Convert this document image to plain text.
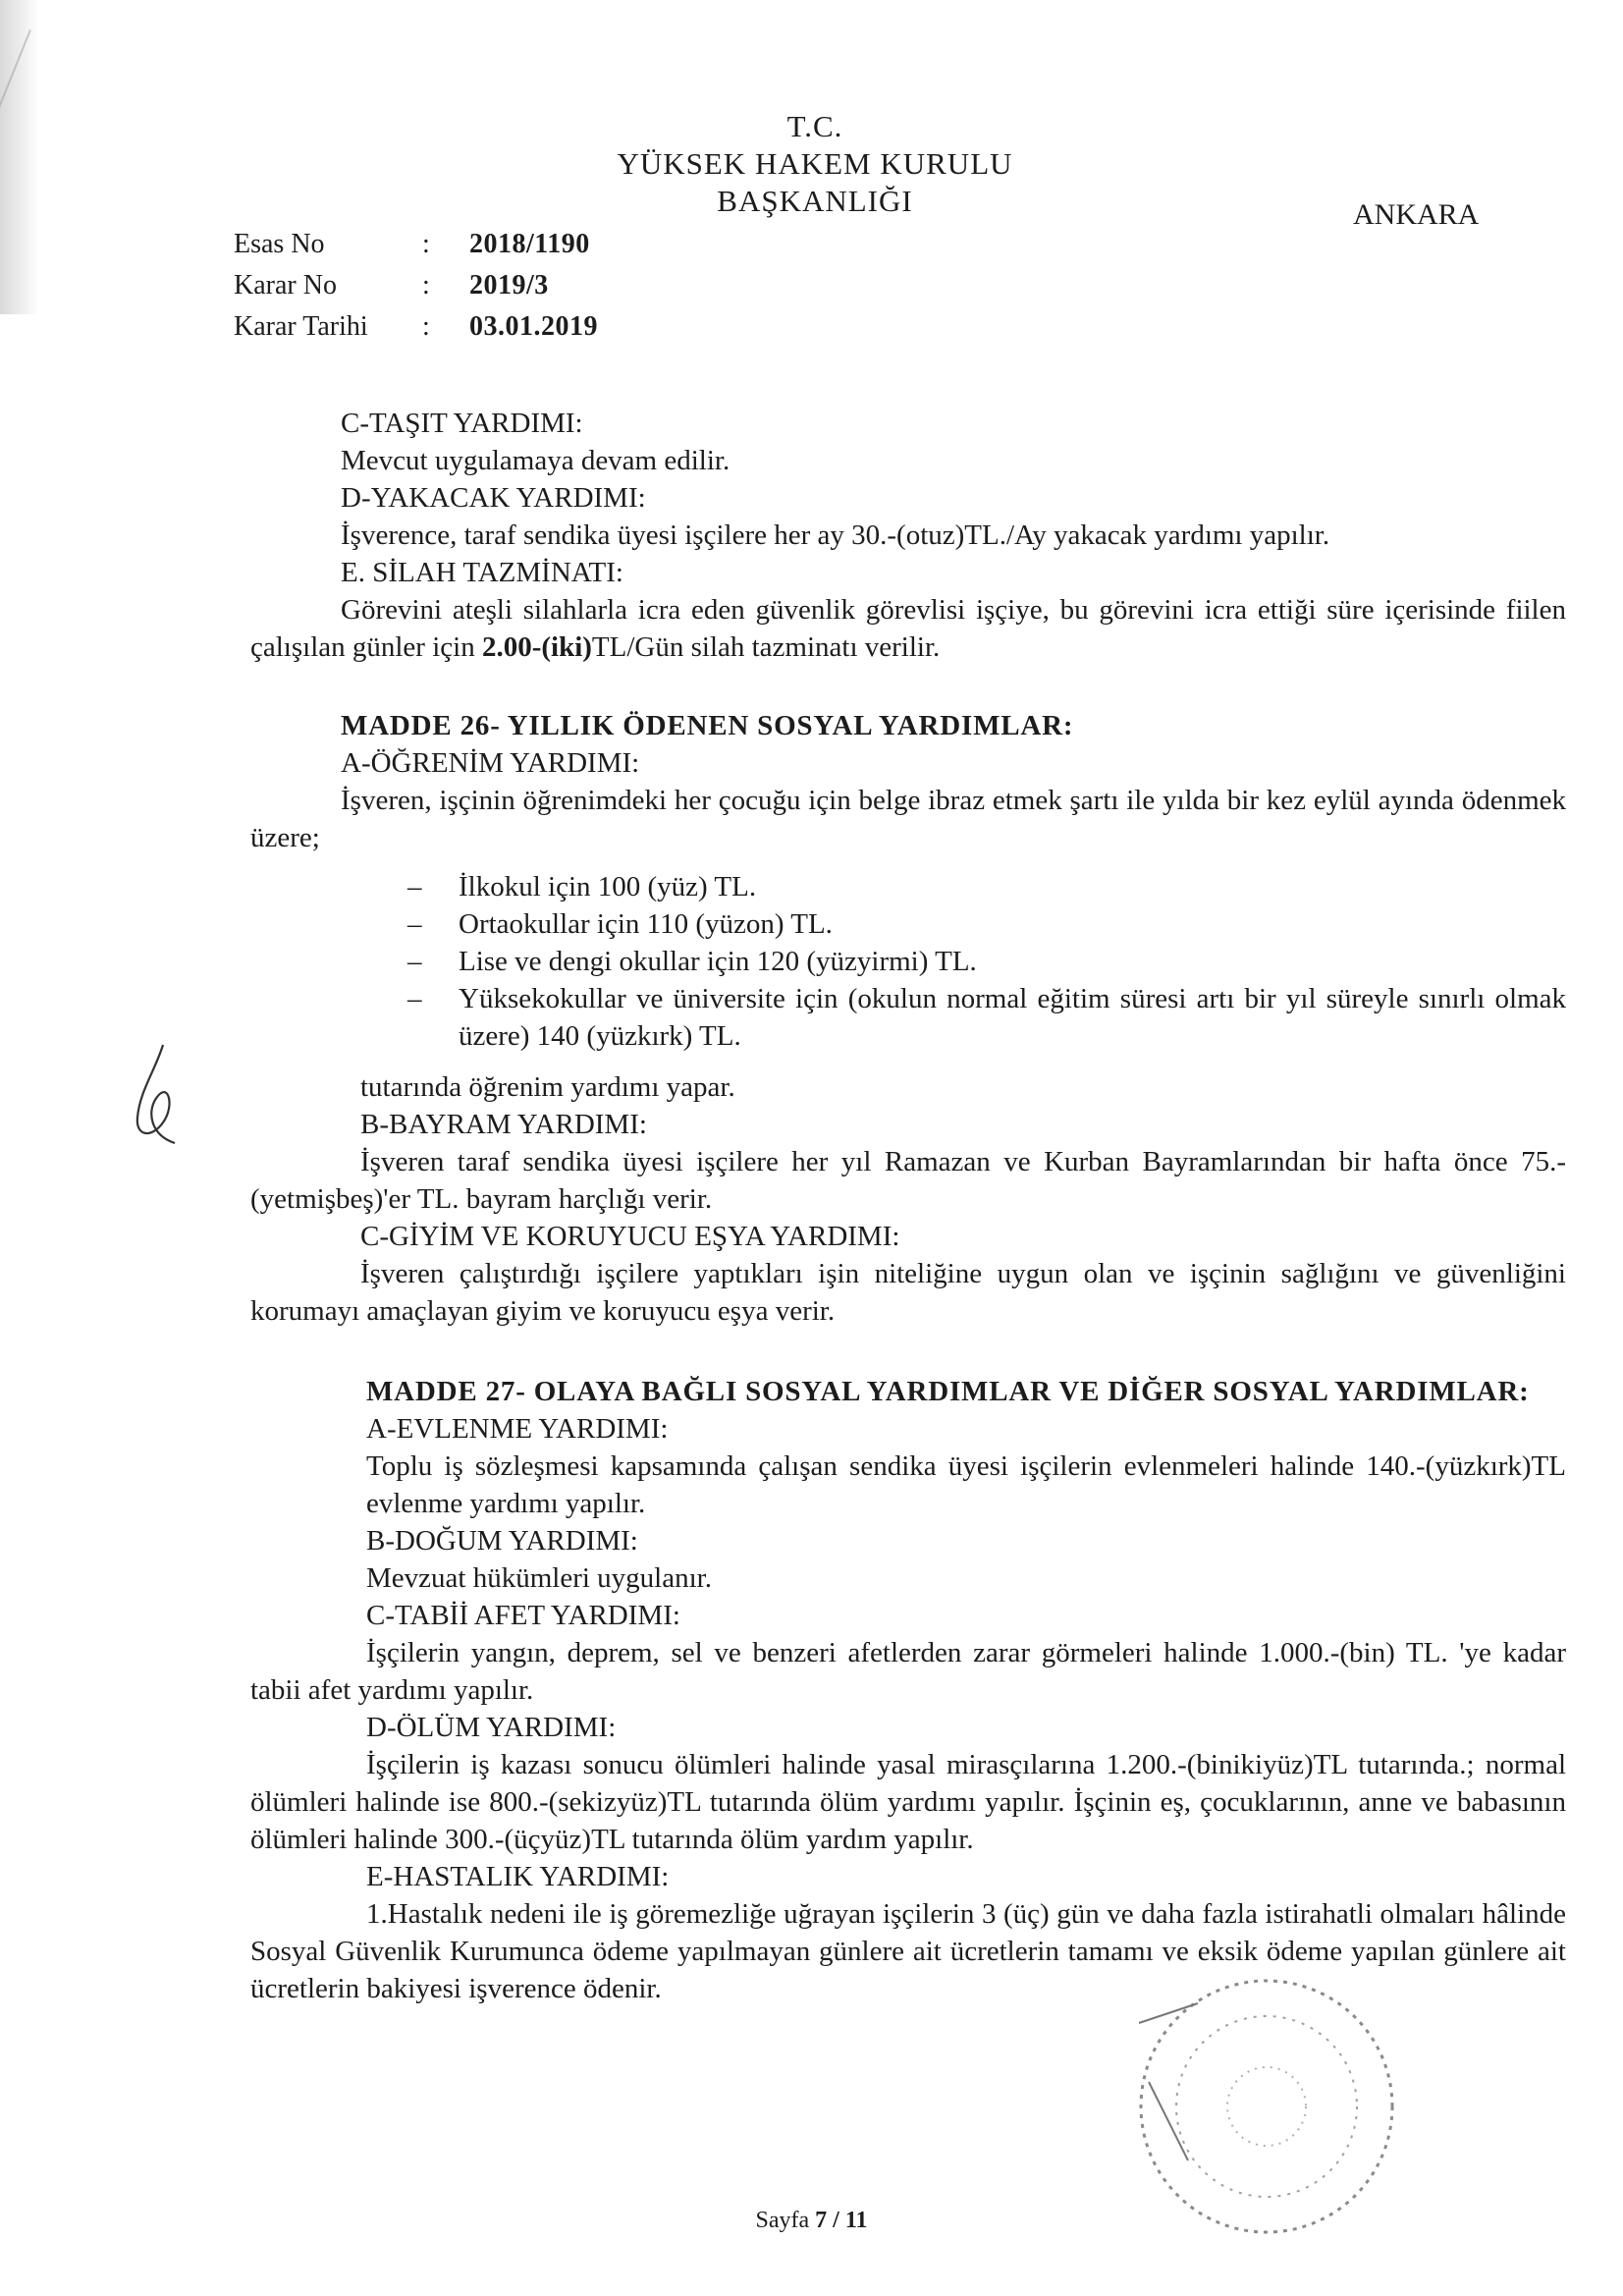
T.C.
YÜKSEK HAKEM KURULU
BAŞKANLIĞI	ANKARA
Esas No	:	2018/1190
Karar No	:	2019/3
Karar Tarihi	:	03.01.2019
C-TAŞIT YARDIMI:
Mevcut uygulamaya devam edilir.
D-YAKACAK YARDIMI:
İşverence, taraf sendika üyesi işçilere her ay 30.-(otuz)TL./Ay yakacak yardımı yapılır.
E. SİLAH TAZMİNATI:
Görevini ateşli silahlarla icra eden güvenlik görevlisi işçiye, bu görevini icra ettiği süre içerisinde fiilen çalışılan günler için 2.00-(iki)TL/Gün silah tazminatı verilir.
MADDE 26- YILLIK ÖDENEN SOSYAL YARDIMLAR:
A-ÖĞRENİM YARDIMI:
İşveren, işçinin öğrenimdeki her çocuğu için belge ibraz etmek şartı ile yılda bir kez eylül ayında ödenmek üzere;
– İlkokul için 100 (yüz) TL.
– Ortaokullar için 110 (yüzon) TL.
– Lise ve dengi okullar için 120 (yüzyirmi) TL.
– Yüksekokullar ve üniversite için (okulun normal eğitim süresi artı bir yıl süreyle sınırlı olmak üzere) 140 (yüzkırk) TL.
tutarında öğrenim yardımı yapar.
B-BAYRAM YARDIMI:
İşveren taraf sendika üyesi işçilere her yıl Ramazan ve Kurban Bayramlarından bir hafta önce 75.-(yetmişbeş)'er TL. bayram harçlığı verir.
C-GİYİM VE KORUYUCU EŞYA YARDIMI:
İşveren çalıştırdığı işçilere yaptıkları işin niteliğine uygun olan ve işçinin sağlığını ve güvenliğini korumayı amaçlayan giyim ve koruyucu eşya verir.
MADDE 27- OLAYA BAĞLI SOSYAL YARDIMLAR VE DİĞER SOSYAL YARDIMLAR:
A-EVLENME YARDIMI:
Toplu iş sözleşmesi kapsamında çalışan sendika üyesi işçilerin evlenmeleri halinde 140.-(yüzkırk)TL evlenme yardımı yapılır.
B-DOĞUM YARDIMI:
Mevzuat hükümleri uygulanır.
C-TABİİ AFET YARDIMI:
İşçilerin yangın, deprem, sel ve benzeri afetlerden zarar görmeleri halinde 1.000.-(bin) TL. 'ye kadar tabii afet yardımı yapılır.
D-ÖLÜM YARDIMI:
İşçilerin iş kazası sonucu ölümleri halinde yasal mirasçılarına 1.200.-(binikiyüz)TL tutarında.; normal ölümleri halinde ise 800.-(sekizyüz)TL tutarında ölüm yardımı yapılır. İşçinin eş, çocuklarının, anne ve babasının ölümleri halinde 300.-(üçyüz)TL tutarında ölüm yardım yapılır.
E-HASTALIK YARDIMI:
1.Hastalık nedeni ile iş göremezliğe uğrayan işçilerin 3 (üç) gün ve daha fazla istirahatli olmaları hâlinde Sosyal Güvenlik Kurumunca ödeme yapılmayan günlere ait ücretlerin tamamı ve eksik ödeme yapılan günlere ait ücretlerin bakiyesi işverence ödenir.
Sayfa 7 / 11
